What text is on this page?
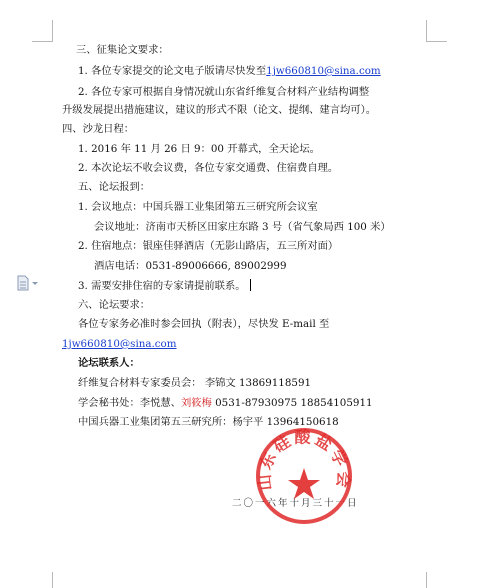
三、征集论文要求：
1. 各位专家提交的论文电子版请尽快发至1jw660810@sina.com
2. 各位专家可根据自身情况就山东省纤维复合材料产业结构调整
升级发展提出措施建议，建议的形式不限（论文、提纲、建言均可）。
四、沙龙日程：
1. 2016 年 11 月 26 日 9：00 开幕式，全天论坛。
2. 本次论坛不收会议费，各位专家交通费、住宿费自理。
五、论坛报到：
1. 会议地点：中国兵器工业集团第五三研究所会议室
会议地址：济南市天桥区田家庄东路 3 号（省气象局西 100 米）
2. 住宿地点：银座佳驿酒店（无影山路店，五三所对面）
酒店电话：0531-89006666, 89002999
3. 需要安排住宿的专家请提前联系。
六、论坛要求：
各位专家务必准时参会回执（附表），尽快发 E-mail 至
1jw660810@sina.com
论坛联系人：
纤维复合材料专家委员会： 李锦文 13869118591
学会秘书处：李悦慧、刘筱梅 0531-87930975 18854105911
中国兵器工业集团第五三研究所：杨宇平 13964150618
二〇一六年十月三十一日
山东硅酸盐学会
